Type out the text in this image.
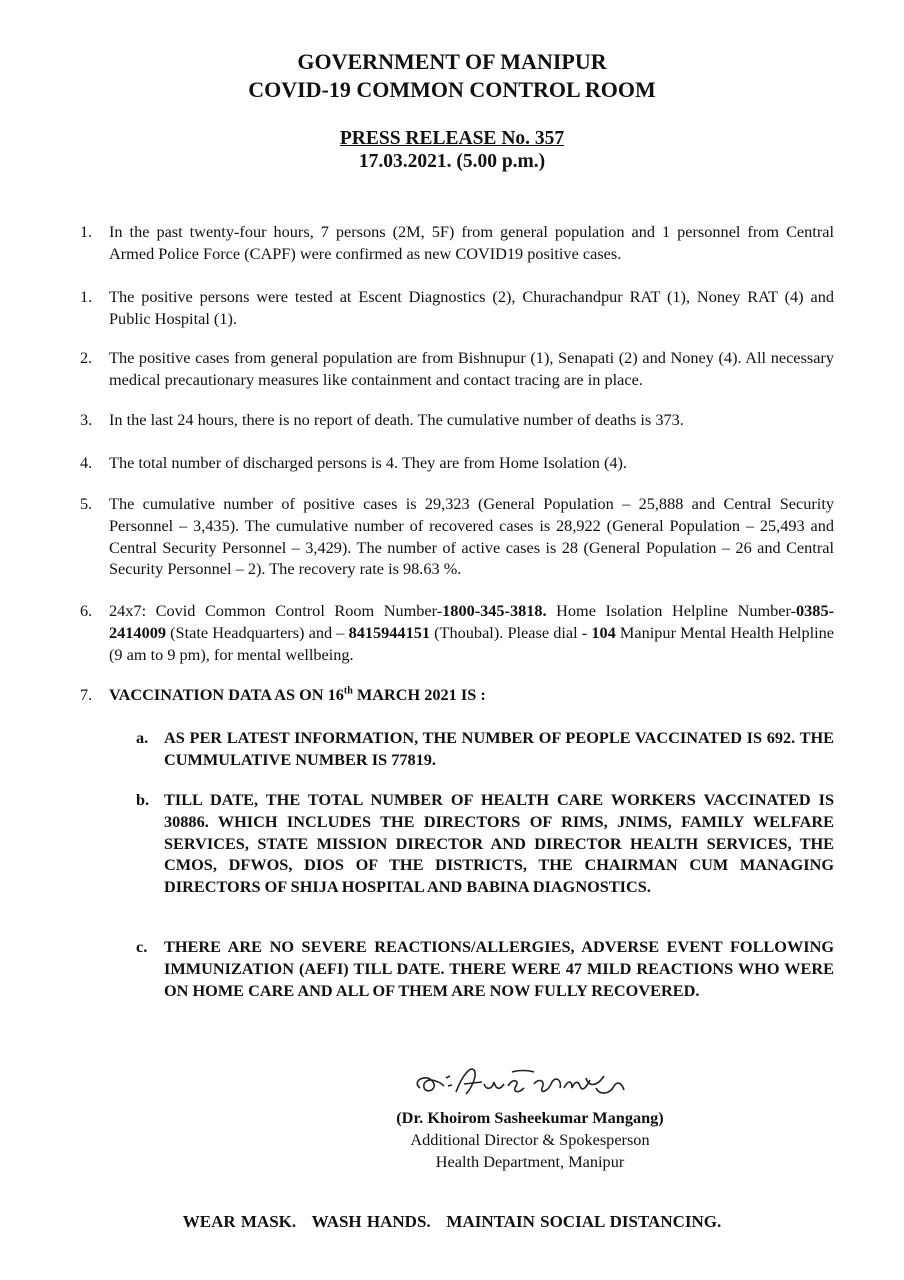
GOVERNMENT OF MANIPUR
COVID-19 COMMON CONTROL ROOM
PRESS RELEASE No. 357
17.03.2021. (5.00 p.m.)
1.	In the past twenty-four hours, 7 persons (2M, 5F) from general population and 1 personnel from Central Armed Police Force (CAPF) were confirmed as new COVID19 positive cases.
1.	The positive persons were tested at Escent Diagnostics (2), Churachandpur RAT (1), Noney RAT (4) and Public Hospital (1).
2.	The positive cases from general population are from Bishnupur (1), Senapati (2) and Noney (4). All necessary medical precautionary measures like containment and contact tracing are in place.
3.	In the last 24 hours, there is no report of death. The cumulative number of deaths is 373.
4.	The total number of discharged persons is 4. They are from Home Isolation (4).
5.	The cumulative number of positive cases is 29,323 (General Population – 25,888 and Central Security Personnel – 3,435). The cumulative number of recovered cases is 28,922 (General Population – 25,493 and Central Security Personnel – 3,429). The number of active cases is 28 (General Population – 26 and Central Security Personnel – 2). The recovery rate is 98.63 %.
6.	24x7: Covid Common Control Room Number-1800-345-3818. Home Isolation Helpline Number-0385-2414009 (State Headquarters) and – 8415944151 (Thoubal). Please dial - 104 Manipur Mental Health Helpline (9 am to 9 pm), for mental wellbeing.
7.	VACCINATION DATA AS ON 16th MARCH 2021 IS :
a. AS PER LATEST INFORMATION, THE NUMBER OF PEOPLE VACCINATED IS 692. THE CUMMULATIVE NUMBER IS 77819.
b. TILL DATE, THE TOTAL NUMBER OF HEALTH CARE WORKERS VACCINATED IS 30886. WHICH INCLUDES THE DIRECTORS OF RIMS, JNIMS, FAMILY WELFARE SERVICES, STATE MISSION DIRECTOR AND DIRECTOR HEALTH SERVICES, THE CMOS, DFWOS, DIOS OF THE DISTRICTS, THE CHAIRMAN CUM MANAGING DIRECTORS OF SHIJA HOSPITAL AND BABINA DIAGNOSTICS.
c.	THERE ARE NO SEVERE REACTIONS/ALLERGIES, ADVERSE EVENT FOLLOWING IMMUNIZATION (AEFI) TILL DATE. THERE WERE 47 MILD REACTIONS WHO WERE ON HOME CARE AND ALL OF THEM ARE NOW FULLY RECOVERED.
(Dr. Khoirom Sasheekumar Mangang)
Additional Director & Spokesperson
Health Department, Manipur
WEAR MASK.   WASH HANDS.   MAINTAIN SOCIAL DISTANCING.
